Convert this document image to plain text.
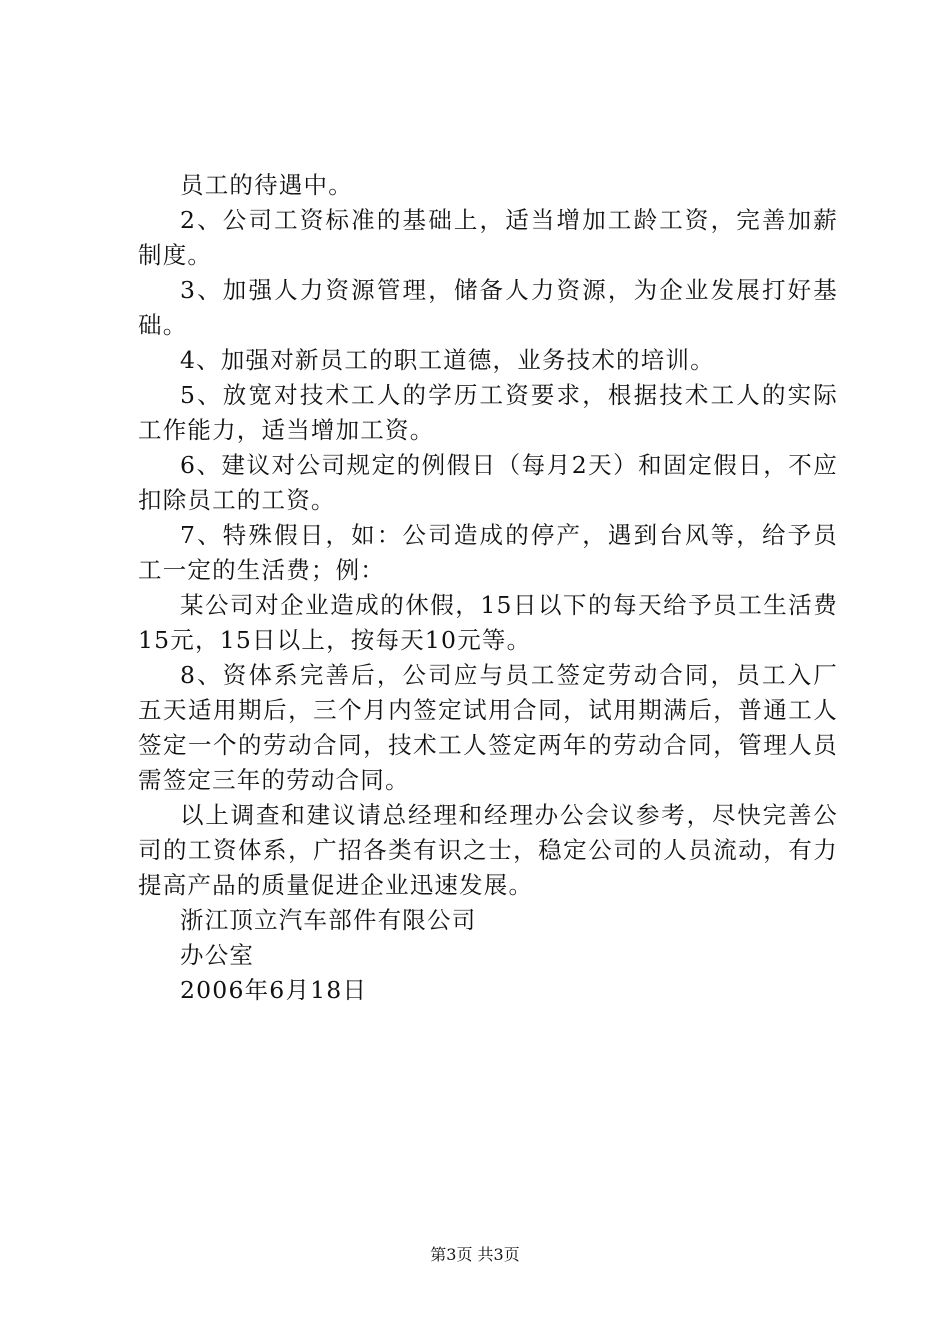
员工的待遇中。

2、公司工资标准的基础上，适当增加工龄工资，完善加薪制度。

3、加强人力资源管理，储备人力资源，为企业发展打好基础。

4、加强对新员工的职工道德，业务技术的培训。

5、放宽对技术工人的学历工资要求，根据技术工人的实际工作能力，适当增加工资。

6、建议对公司规定的例假日（每月2天）和固定假日，不应扣除员工的工资。

7、特殊假日，如：公司造成的停产，遇到台风等，给予员工一定的生活费；例：

某公司对企业造成的休假，15日以下的每天给予员工生活费15元，15日以上，按每天10元等。

8、资体系完善后，公司应与员工签定劳动合同，员工入厂五天适用期后，三个月内签定试用合同，试用期满后，普通工人签定一个的劳动合同，技术工人签定两年的劳动合同，管理人员需签定三年的劳动合同。

以上调查和建议请总经理和经理办公会议参考，尽快完善公司的工资体系，广招各类有识之士，稳定公司的人员流动，有力提高产品的质量促进企业迅速发展。

浙江顶立汽车部件有限公司

办公室

2006年6月18日

第3页 共3页
